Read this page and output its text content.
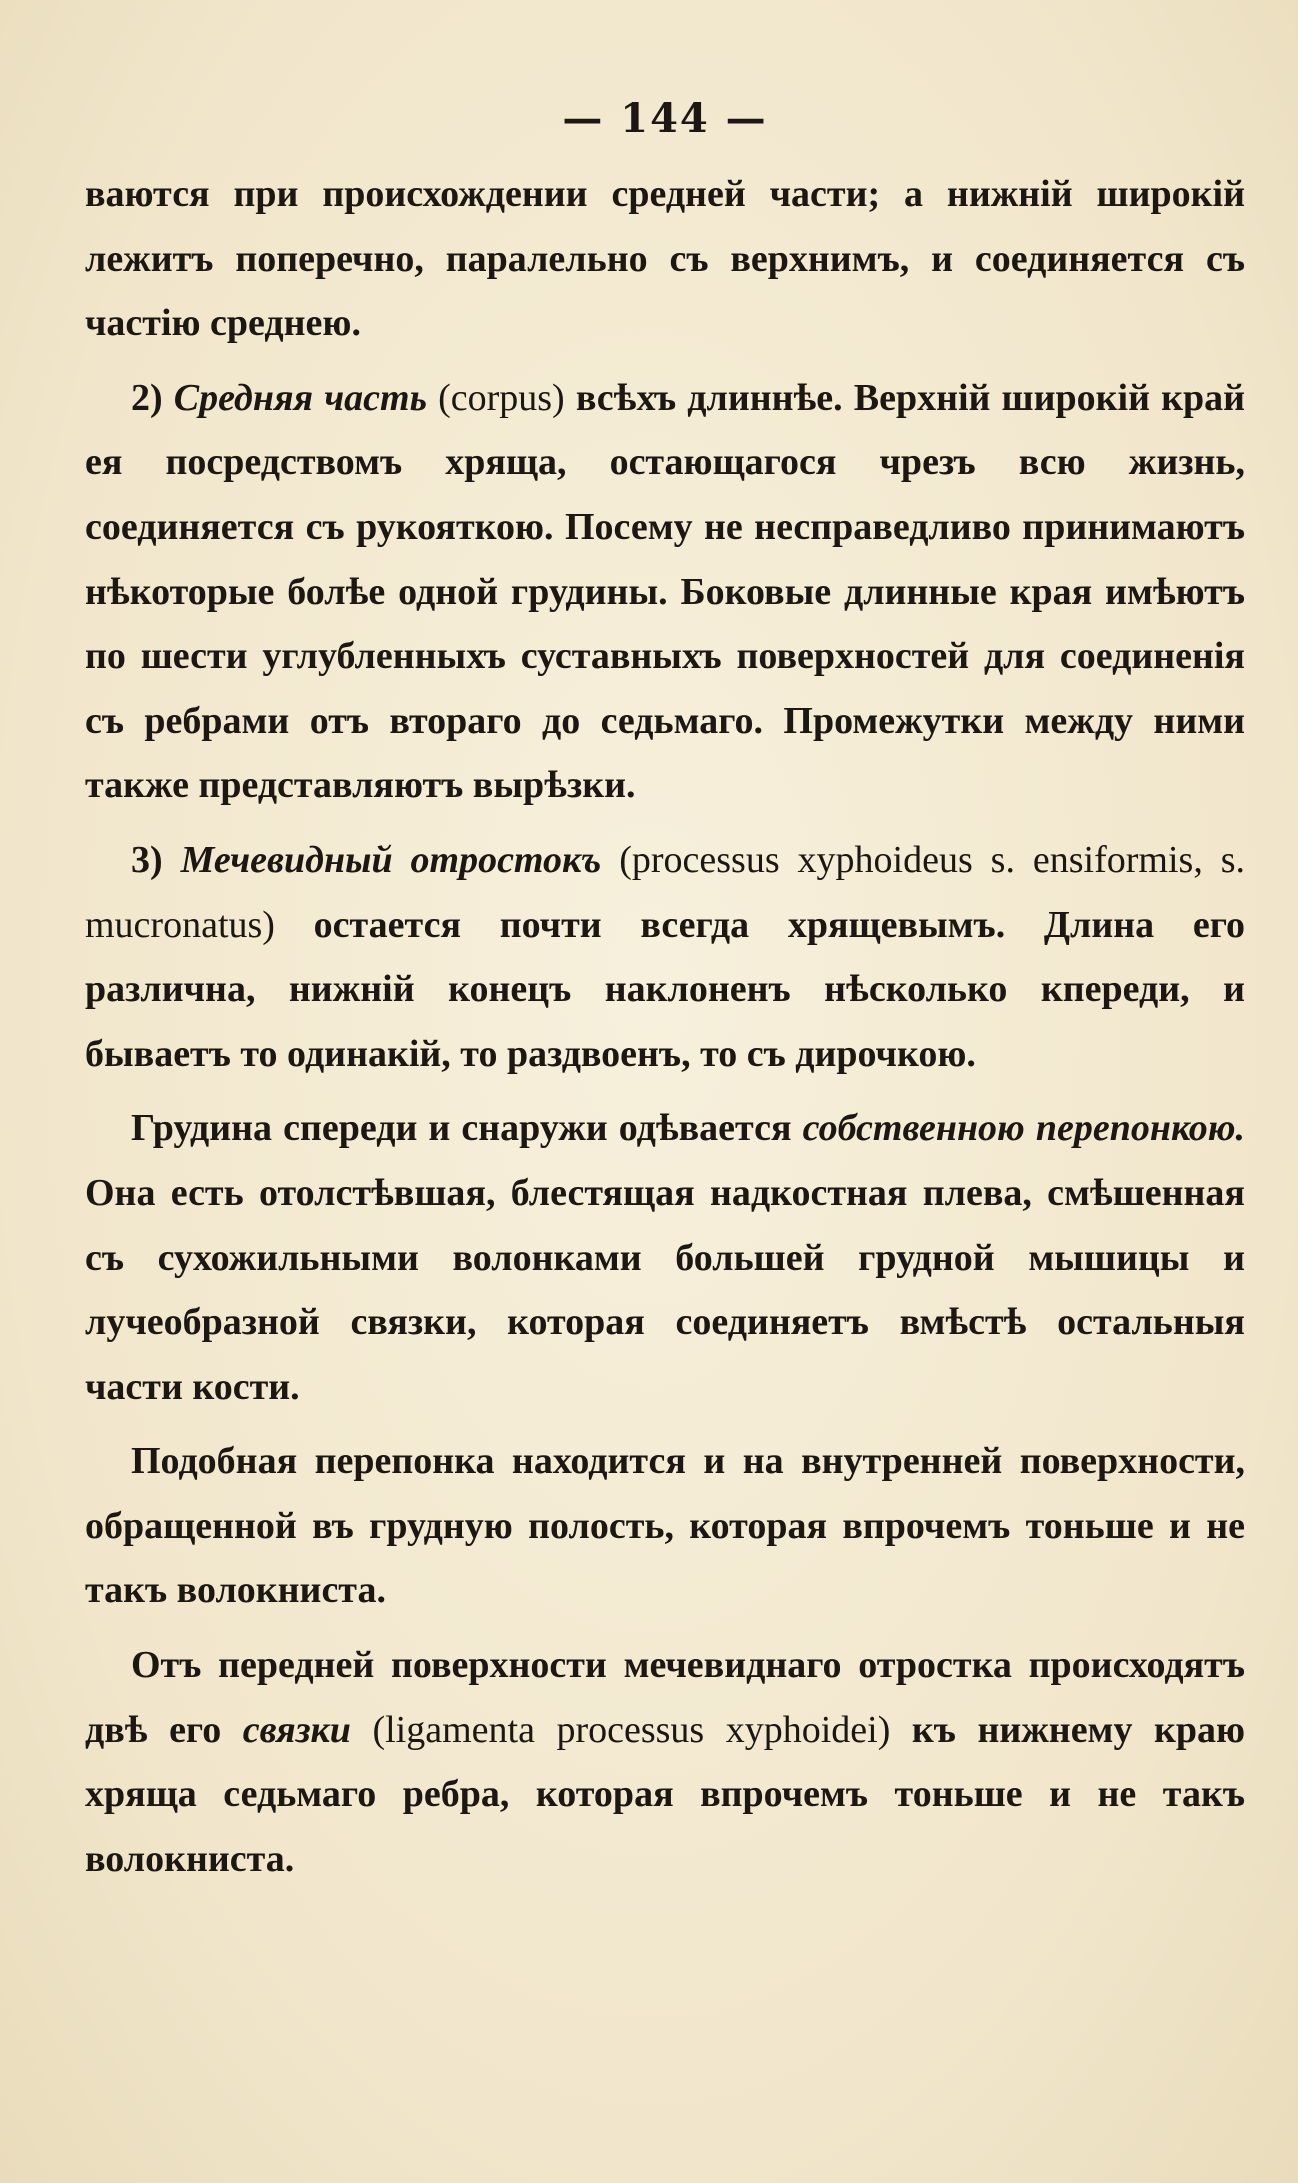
— 144 —

ваются при происхождении средней части; а нижній широкій лежитъ поперечно, паралельно съ верхнимъ, и соединяется съ частію среднею.

2) Средняя часть (corpus) всѣхъ длиннѣе. Верхній широкій край ея посредствомъ хряща, остающагося чрезъ всю жизнь, соединяется съ рукояткою. Посему не несправедливо принимаютъ нѣкоторые болѣе одной грудины. Боковые длинные края имѣютъ по шести углубленныхъ суставныхъ поверхностей для соединенія съ ребрами отъ втораго до седьмаго. Промежутки между ними также представляютъ вырѣзки.

3) Мечевидный отростокъ (processus xyphoideus s. ensiformis, s. mucronatus) остается почти всегда хрящевымъ. Длина его различна, нижній конецъ наклоненъ нѣсколько кпереди, и бываетъ то одинакій, то раздвоенъ, то съ дирочкою.

Грудина спереди и снаружи одѣвается собственною перепонкою. Она есть отолстѣвшая, блестящая надкостная плева, смѣшенная съ сухожильными волонками большей грудной мышицы и лучеобразной связки, которая соединяетъ вмѣстѣ остальныя части кости.

Подобная перепонка находится и на внутренней поверхности, обращенной въ грудную полость, которая впрочемъ тоньше и не такъ волокниста.

Отъ передней поверхности мечевиднаго отростка происходятъ двѣ его связки (ligamenta processus xyphoidei) къ нижнему краю хряща седьмаго ребра, которая впрочемъ тоньше и не такъ волокниста.
